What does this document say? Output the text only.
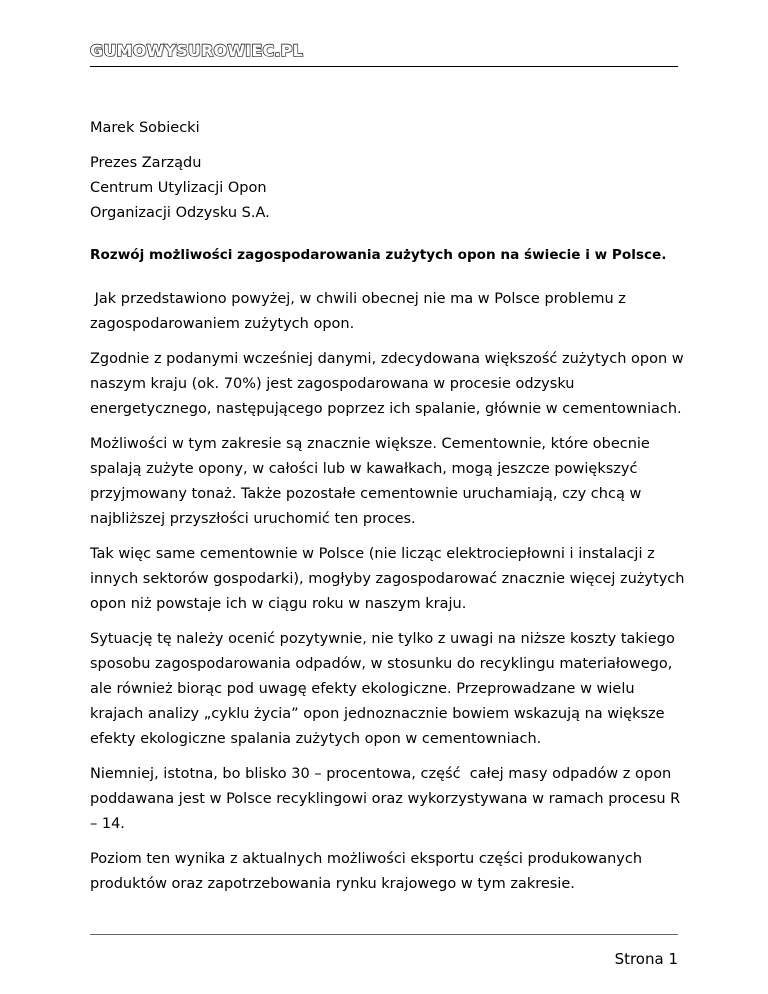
GUMOWYSUROWIEC.PL

Marek Sobiecki

Prezes Zarządu

Centrum Utylizacji Opon

Organizacji Odzysku S.A.

Rozwój możliwości zagospodarowania zużytych opon na świecie i w Polsce.

Jak przedstawiono powyżej, w chwili obecnej nie ma w Polsce problemu z
zagospodarowaniem zużytych opon.

Zgodnie z podanymi wcześniej danymi, zdecydowana większość zużytych opon w
naszym kraju (ok. 70%) jest zagospodarowana w procesie odzysku
energetycznego, następującego poprzez ich spalanie, głównie w cementowniach.

Możliwości w tym zakresie są znacznie większe. Cementownie, które obecnie
spalają zużyte opony, w całości lub w kawałkach, mogą jeszcze powiększyć
przyjmowany tonaż. Także pozostałe cementownie uruchamiają, czy chcą w
najbliższej przyszłości uruchomić ten proces.

Tak więc same cementownie w Polsce (nie licząc elektrociepłowni i instalacji z
innych sektorów gospodarki), mogłyby zagospodarować znacznie więcej zużytych
opon niż powstaje ich w ciągu roku w naszym kraju.

Sytuację tę należy ocenić pozytywnie, nie tylko z uwagi na niższe koszty takiego
sposobu zagospodarowania odpadów, w stosunku do recyklingu materiałowego,
ale również biorąc pod uwagę efekty ekologiczne. Przeprowadzane w wielu
krajach analizy „cyklu życia” opon jednoznacznie bowiem wskazują na większe
efekty ekologiczne spalania zużytych opon w cementowniach.

Niemniej, istotna, bo blisko 30 – procentowa, część  całej masy odpadów z opon
poddawana jest w Polsce recyklingowi oraz wykorzystywana w ramach procesu R
– 14.

Poziom ten wynika z aktualnych możliwości eksportu części produkowanych
produktów oraz zapotrzebowania rynku krajowego w tym zakresie.

Strona 1
